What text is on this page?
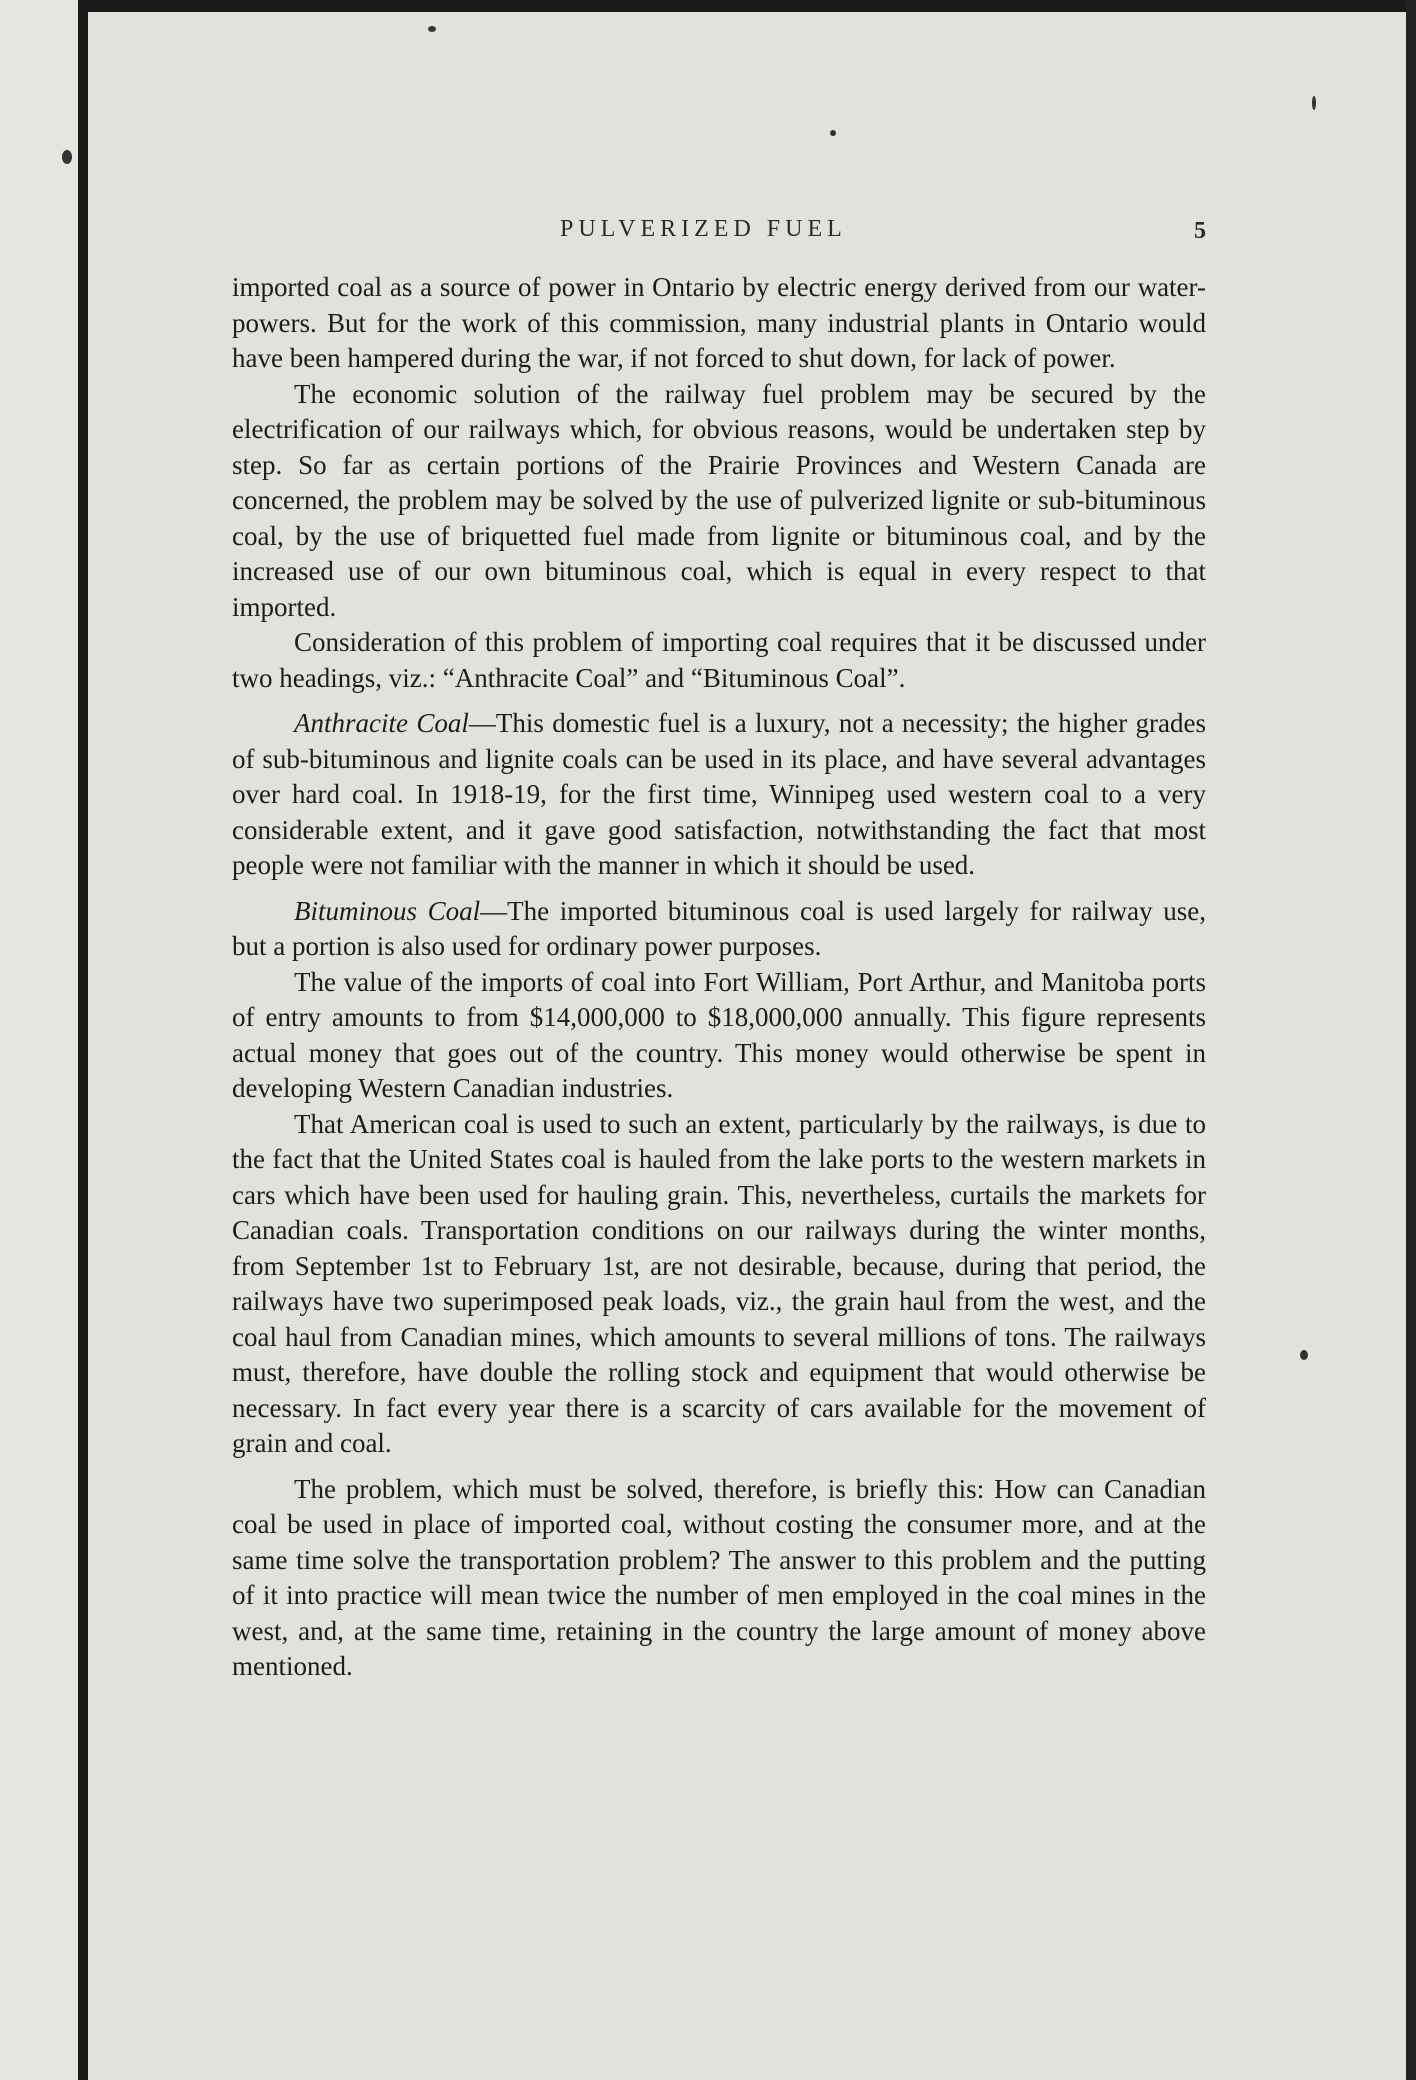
PULVERIZED FUEL	5

imported coal as a source of power in Ontario by electric energy derived from our water-powers. But for the work of this commission, many industrial plants in Ontario would have been hampered during the war, if not forced to shut down, for lack of power.

The economic solution of the railway fuel problem may be secured by the electrification of our railways which, for obvious reasons, would be undertaken step by step. So far as certain portions of the Prairie Provinces and Western Canada are concerned, the problem may be solved by the use of pulverized lignite or sub-bituminous coal, by the use of briquetted fuel made from lignite or bituminous coal, and by the increased use of our own bituminous coal, which is equal in every respect to that imported.

Consideration of this problem of importing coal requires that it be discussed under two headings, viz.: “Anthracite Coal” and “Bituminous Coal”.

Anthracite Coal—This domestic fuel is a luxury, not a necessity; the higher grades of sub-bituminous and lignite coals can be used in its place, and have several advantages over hard coal. In 1918-19, for the first time, Winnipeg used western coal to a very considerable extent, and it gave good satisfaction, notwithstanding the fact that most people were not familiar with the manner in which it should be used.

Bituminous Coal—The imported bituminous coal is used largely for railway use, but a portion is also used for ordinary power purposes.

The value of the imports of coal into Fort William, Port Arthur, and Manitoba ports of entry amounts to from $14,000,000 to $18,000,000 annually. This figure represents actual money that goes out of the country. This money would otherwise be spent in developing Western Canadian industries.

That American coal is used to such an extent, particularly by the railways, is due to the fact that the United States coal is hauled from the lake ports to the western markets in cars which have been used for hauling grain. This, nevertheless, curtails the markets for Canadian coals. Transportation conditions on our railways during the winter months, from September 1st to February 1st, are not desirable, because, during that period, the railways have two superimposed peak loads, viz., the grain haul from the west, and the coal haul from Canadian mines, which amounts to several millions of tons. The railways must, therefore, have double the rolling stock and equipment that would otherwise be necessary. In fact every year there is a scarcity of cars available for the movement of grain and coal.

The problem, which must be solved, therefore, is briefly this: How can Canadian coal be used in place of imported coal, without costing the consumer more, and at the same time solve the transportation problem? The answer to this problem and the putting of it into practice will mean twice the number of men employed in the coal mines in the west, and, at the same time, retaining in the country the large amount of money above mentioned.
